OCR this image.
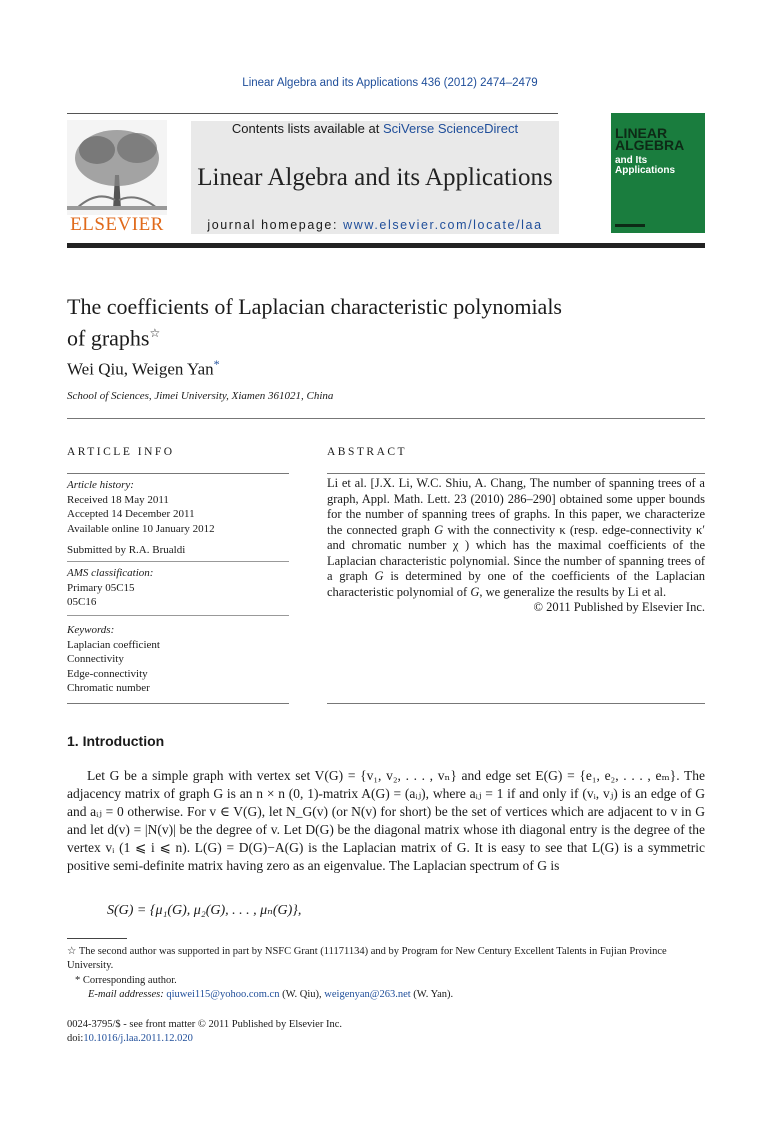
Linear Algebra and its Applications 436 (2012) 2474–2479
ELSEVIER
Contents lists available at SciVerse ScienceDirect
Linear Algebra and its Applications
journal homepage: www.elsevier.com/locate/laa
LINEAR
ALGEBRA
and Its
Applications
The coefficients of Laplacian characteristic polynomials
of graphs☆
Wei Qiu, Weigen Yan*
School of Sciences, Jimei University, Xiamen 361021, China
ARTICLE INFO
Article history:
Received 18 May 2011
Accepted 14 December 2011
Available online 10 January 2012
Submitted by R.A. Brualdi
AMS classification:
Primary 05C15
05C16
Keywords:
Laplacian coefficient
Connectivity
Edge-connectivity
Chromatic number
ABSTRACT
Li et al. [J.X. Li, W.C. Shiu, A. Chang, The number of spanning trees of a graph, Appl. Math. Lett. 23 (2010) 286–290] obtained some upper bounds for the number of spanning trees of graphs. In this paper, we characterize the connected graph G with the connectivity κ (resp. edge-connectivity κ′ and chromatic number χ ) which has the maximal coefficients of the Laplacian characteristic polynomial. Since the number of spanning trees of a graph G is determined by one of the coefficients of the Laplacian characteristic polynomial of G, we generalize the results by Li et al.
© 2011 Published by Elsevier Inc.
1. Introduction
Let G be a simple graph with vertex set V(G) = {v₁, v₂, . . . , vₙ} and edge set E(G) = {e₁, e₂, . . . , eₘ}. The adjacency matrix of graph G is an n × n (0, 1)-matrix A(G) = (aᵢⱼ), where aᵢⱼ = 1 if and only if (vᵢ, vⱼ) is an edge of G and aᵢⱼ = 0 otherwise. For v ∈ V(G), let N_G(v) (or N(v) for short) be the set of vertices which are adjacent to v in G and let d(v) = |N(v)| be the degree of v. Let D(G) be the diagonal matrix whose ith diagonal entry is the degree of the vertex vᵢ (1 ⩽ i ⩽ n). L(G) = D(G)−A(G) is the Laplacian matrix of G. It is easy to see that L(G) is a symmetric positive semi-definite matrix having zero as an eigenvalue. The Laplacian spectrum of G is
S(G) = {μ₁(G), μ₂(G), . . . , μₙ(G)},
☆ The second author was supported in part by NSFC Grant (11171134) and by Program for New Century Excellent Talents in Fujian Province University.
* Corresponding author.
E-mail addresses: qiuwei115@yohoo.com.cn (W. Qiu), weigenyan@263.net (W. Yan).
0024-3795/$ - see front matter © 2011 Published by Elsevier Inc.
doi:10.1016/j.laa.2011.12.020
